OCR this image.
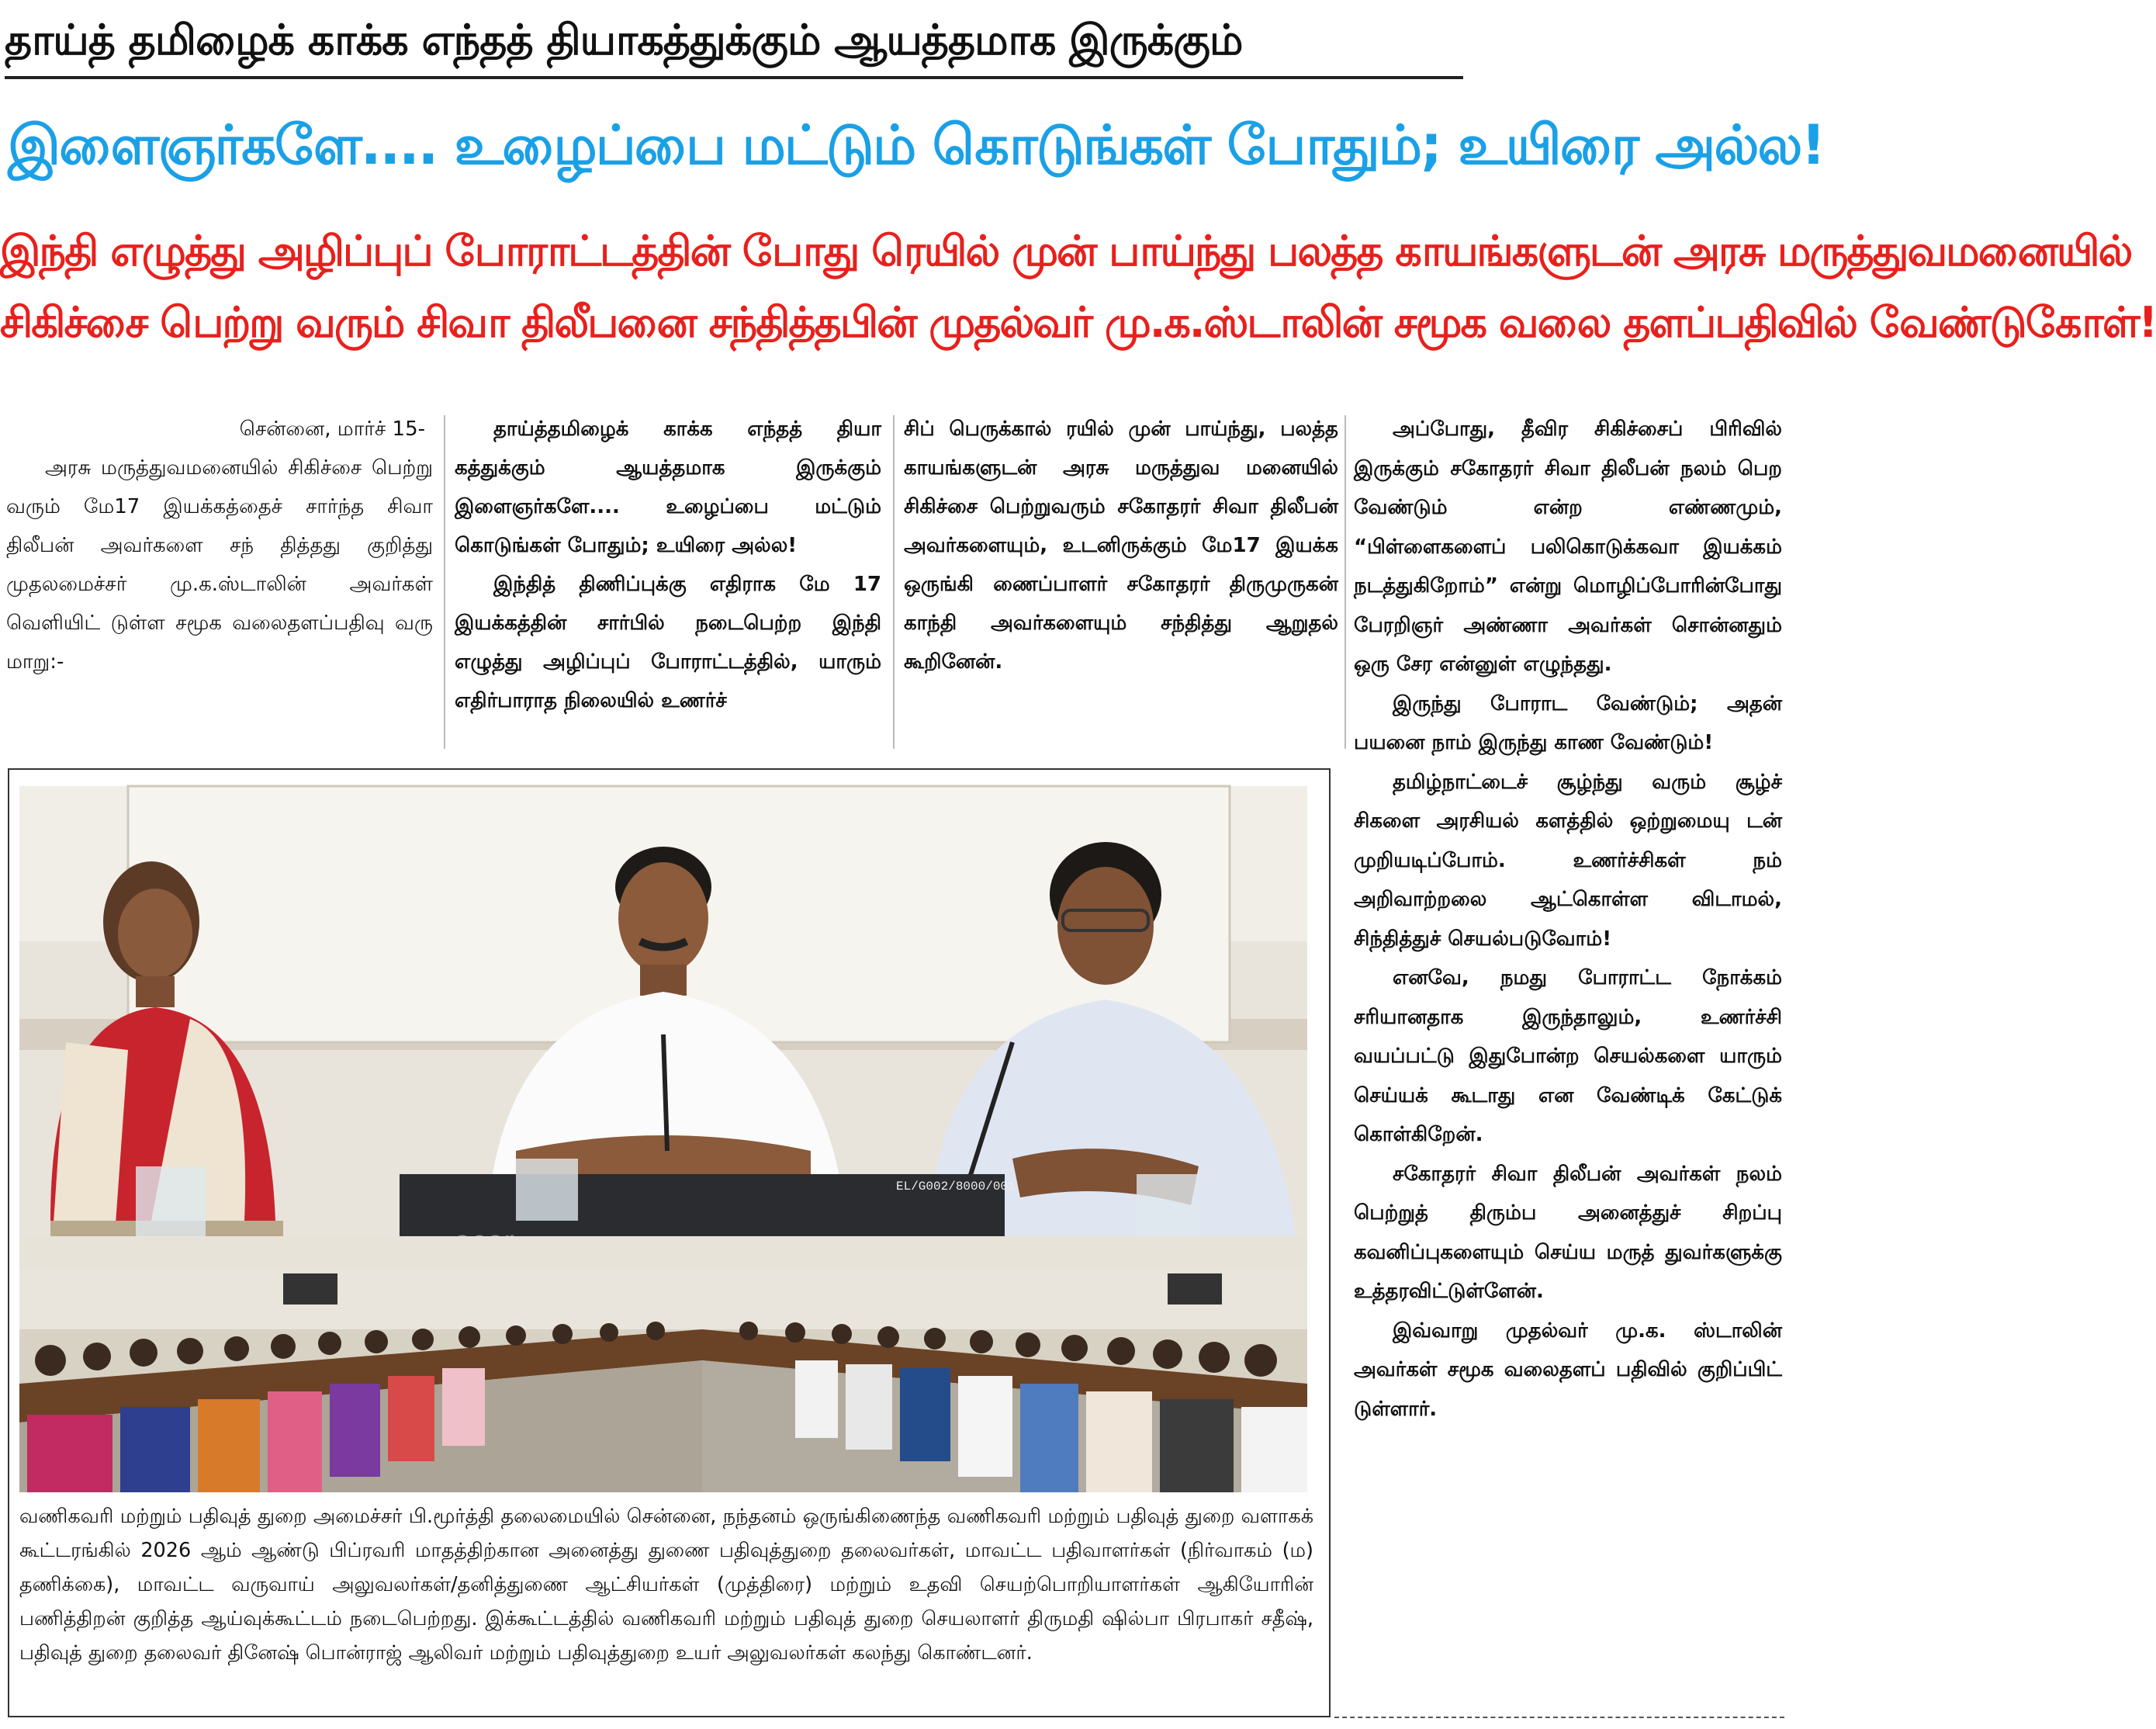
தாய்த் தமிழைக் காக்க எந்தத் தியாகத்துக்கும் ஆயத்தமாக இருக்கும்
இளைஞர்களே.... உழைப்பை மட்டும் கொடுங்கள் போதும்; உயிரை அல்ல!
இந்தி எழுத்து அழிப்புப் போராட்டத்தின் போது ரெயில் முன் பாய்ந்து பலத்த காயங்களுடன் அரசு மருத்துவமனையில்
சிகிச்சை பெற்று வரும் சிவா திலீபனை சந்தித்தபின் முதல்வர் மு.க.ஸ்டாலின் சமூக வலை தளப்பதிவில் வேண்டுகோள்!

சென்னை, மார்ச் 15-

அரசு மருத்துவமனையில் சிகிச்சை பெற்று வரும் மே17 இயக்கத்தைச் சார்ந்த சிவா திலீபன் அவர்களை சந் தித்தது குறித்து முதலமைச்சர் மு.க.ஸ்டாலின் அவர்கள் வெளியிட் டுள்ள சமூக வலைதளப்பதிவு வரு மாறு:-

தாய்த்தமிழைக் காக்க எந்தத் தியா கத்துக்கும் ஆயத்தமாக இருக்கும் இளைஞர்களே.... உழைப்பை மட்டும் கொடுங்கள் போதும்; உயிரை அல்ல!

இந்தித் திணிப்புக்கு எதிராக மே 17 இயக்கத்தின் சார்பில் நடைபெற்ற இந்தி எழுத்து அழிப்புப் போராட்டத்தில், யாரும் எதிர்பாராத நிலையில் உணர்ச்

சிப் பெருக்கால் ரயில் முன் பாய்ந்து, பலத்த காயங்களுடன் அரசு மருத்துவ மனையில் சிகிச்சை பெற்றுவரும் சகோதரர் சிவா திலீபன் அவர்களையும், உடனிருக்கும் மே17 இயக்க ஒருங்கி ணைப்பாளர் சகோதரர் திருமுருகன் காந்தி அவர்களையும் சந்தித்து ஆறுதல் கூறினேன்.

அப்போது, தீவிர சிகிச்சைப் பிரிவில் இருக்கும் சகோதரர் சிவா திலீபன் நலம் பெற வேண்டும் என்ற எண்ணமும், “பிள்ளைகளைப் பலிகொடுக்கவா இயக்கம் நடத்துகிறோம்” என்று மொழிப்போரின்போது பேரறிஞர் அண்ணா அவர்கள் சொன்னதும் ஒரு சேர என்னுள் எழுந்தது.

இருந்து போராட வேண்டும்; அதன் பயனை நாம் இருந்து காண வேண்டும்!

தமிழ்நாட்டைச் சூழ்ந்து வரும் சூழ்ச் சிகளை அரசியல் களத்தில் ஒற்றுமையு டன் முறியடிப்போம். உணர்ச்சிகள் நம் அறிவாற்றலை ஆட்கொள்ள விடாமல், சிந்தித்துச் செயல்படுவோம்!

எனவே, நமது போராட்ட நோக்கம் சரியானதாக இருந்தாலும், உணர்ச்சி வயப்பட்டு இதுபோன்ற செயல்களை யாரும் செய்யக் கூடாது என வேண்டிக் கேட்டுக் கொள்கிறேன்.

சகோதரர் சிவா திலீபன் அவர்கள் நலம் பெற்றுத் திரும்ப அனைத்துச் சிறப்பு கவனிப்புகளையும் செய்ய மருத் துவர்களுக்கு உத்தரவிட்டுள்ளேன்.

இவ்வாறு முதல்வர் மு.க. ஸ்டாலின் அவர்கள் சமூக வலைதளப் பதிவில் குறிப்பிட் டுள்ளார்.

EL/G002/8000/001
வணிகவரி மற்றும் பதிவுத் துறை அமைச்சர் பி.மூர்த்தி தலைமையில் சென்னை, நந்தனம் ஒருங்கிணைந்த வணிகவரி மற்றும் பதிவுத் துறை வளாகக் கூட்டரங்கில் 2026 ஆம் ஆண்டு பிப்ரவரி மாதத்திற்கான அனைத்து துணை பதிவுத்துறை தலைவர்கள், மாவட்ட பதிவாளர்கள் (நிர்வாகம் (ம) தணிக்கை), மாவட்ட வருவாய் அலுவலர்கள்/தனித்துணை ஆட்சியர்கள் (முத்திரை) மற்றும் உதவி செயற்பொறியாளர்கள் ஆகியோரின் பணித்திறன் குறித்த ஆய்வுக்கூட்டம் நடைபெற்றது. இக்கூட்டத்தில் வணிகவரி மற்றும் பதிவுத் துறை செயலாளர் திருமதி ஷில்பா பிரபாகர் சதீஷ், பதிவுத் துறை தலைவர் தினேஷ் பொன்ராஜ் ஆலிவர் மற்றும் பதிவுத்துறை உயர் அலுவலர்கள் கலந்து கொண்டனர்.
